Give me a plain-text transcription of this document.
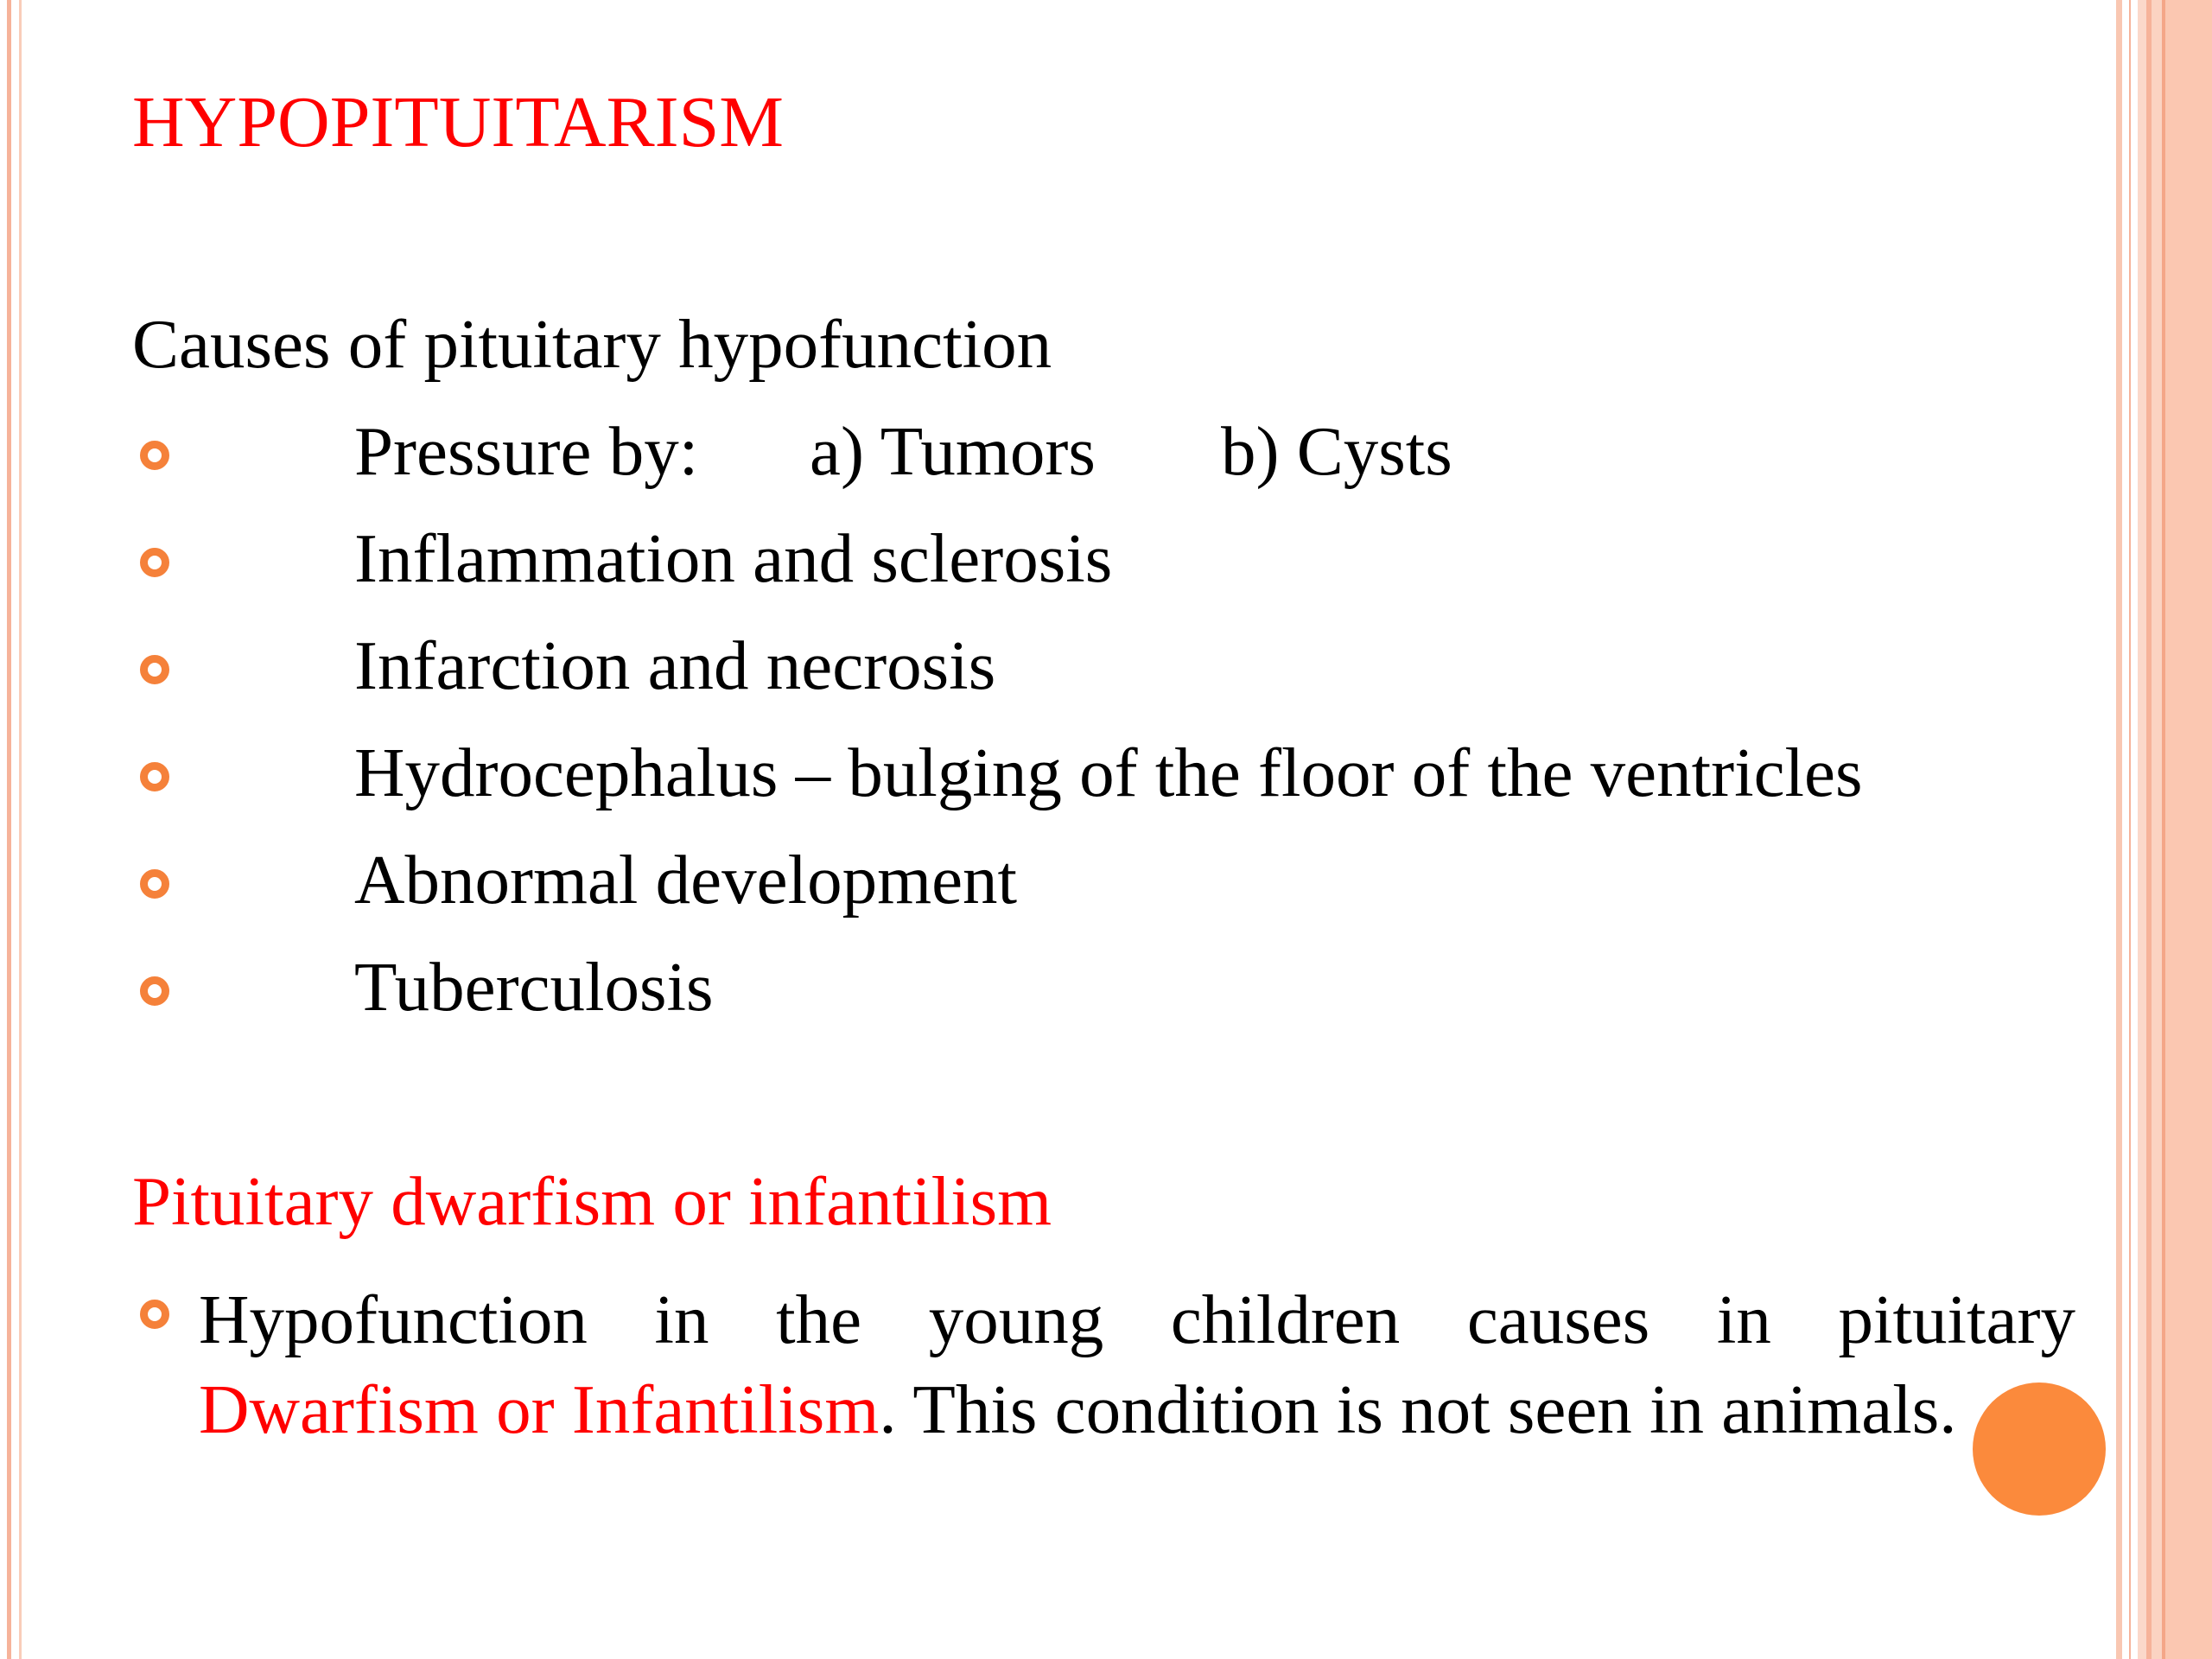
HYPOPITUITARISM
Causes of pituitary hypofunction
Pressure by: a) Tumors b) Cysts
Inflammation and sclerosis
Infarction and necrosis
Hydrocephalus – bulging of the floor of the ventricles
Abnormal development
Tuberculosis
Pituitary dwarfism or infantilism
Hypofunction in the young children causes in pituitary
Dwarfism or Infantilism. This condition is not seen in animals.
